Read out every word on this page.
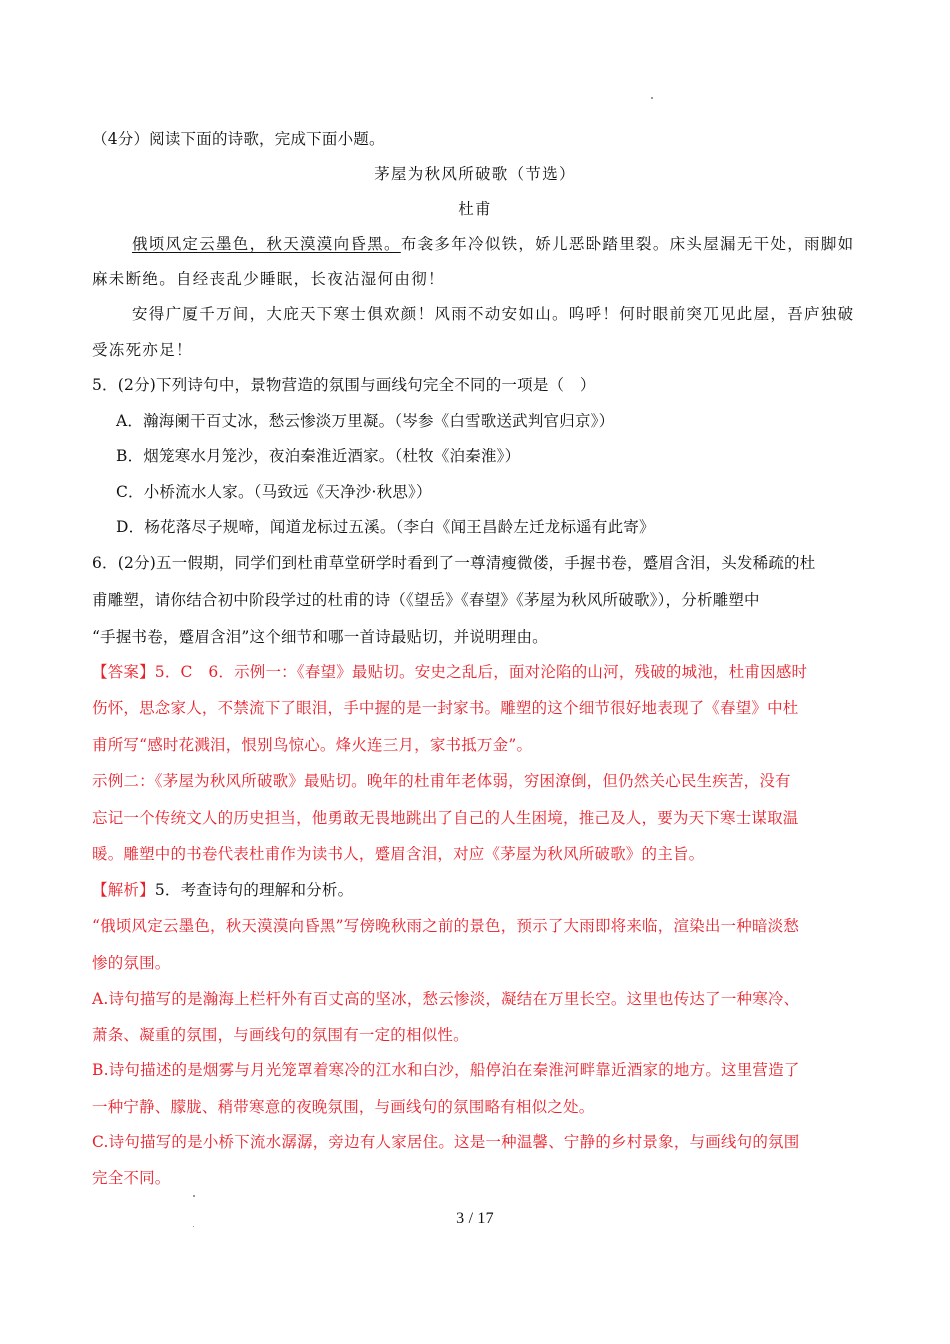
（4分）阅读下面的诗歌，完成下面小题。
茅屋为秋风所破歌（节选）
杜甫
俄顷风定云墨色，秋天漠漠向昏黑。布衾多年冷似铁，娇儿恶卧踏里裂。床头屋漏无干处，雨脚如
麻未断绝。自经丧乱少睡眠，长夜沾湿何由彻！
安得广厦千万间，大庇天下寒士俱欢颜！风雨不动安如山。呜呼！何时眼前突兀见此屋，吾庐独破
受冻死亦足！
5．(2分)下列诗句中，景物营造的氛围与画线句完全不同的一项是（　）
A．瀚海阑干百丈冰，愁云惨淡万里凝。（岑参《白雪歌送武判官归京》）
B．烟笼寒水月笼沙，夜泊秦淮近酒家。（杜牧《泊秦淮》）
C．小桥流水人家。（马致远《天净沙·秋思》）
D．杨花落尽子规啼，闻道龙标过五溪。（李白《闻王昌龄左迁龙标遥有此寄》
6．(2分)五一假期，同学们到杜甫草堂研学时看到了一尊清瘦微偻，手握书卷，蹙眉含泪，头发稀疏的杜
甫雕塑，请你结合初中阶段学过的杜甫的诗（《望岳》《春望》《茅屋为秋风所破歌》），分析雕塑中
“手握书卷，蹙眉含泪”这个细节和哪一首诗最贴切，并说明理由。
【答案】5．C　6．示例一：《春望》最贴切。安史之乱后，面对沦陷的山河，残破的城池，杜甫因感时
伤怀，思念家人，不禁流下了眼泪，手中握的是一封家书。雕塑的这个细节很好地表现了《春望》中杜
甫所写“感时花溅泪，恨别鸟惊心。烽火连三月，家书抵万金”。
示例二：《茅屋为秋风所破歌》最贴切。晚年的杜甫年老体弱，穷困潦倒，但仍然关心民生疾苦，没有
忘记一个传统文人的历史担当，他勇敢无畏地跳出了自己的人生困境，推己及人，要为天下寒士谋取温
暖。雕塑中的书卷代表杜甫作为读书人，蹙眉含泪，对应《茅屋为秋风所破歌》的主旨。
【解析】5．考查诗句的理解和分析。
“俄顷风定云墨色，秋天漠漠向昏黑”写傍晚秋雨之前的景色，预示了大雨即将来临，渲染出一种暗淡愁
惨的氛围。
A.诗句描写的是瀚海上栏杆外有百丈高的坚冰，愁云惨淡，凝结在万里长空。这里也传达了一种寒冷、
萧条、凝重的氛围，与画线句的氛围有一定的相似性。
B.诗句描述的是烟雾与月光笼罩着寒冷的江水和白沙，船停泊在秦淮河畔靠近酒家的地方。这里营造了
一种宁静、朦胧、稍带寒意的夜晚氛围，与画线句的氛围略有相似之处。
C.诗句描写的是小桥下流水潺潺，旁边有人家居住。这是一种温馨、宁静的乡村景象，与画线句的氛围
完全不同。
3 / 17
